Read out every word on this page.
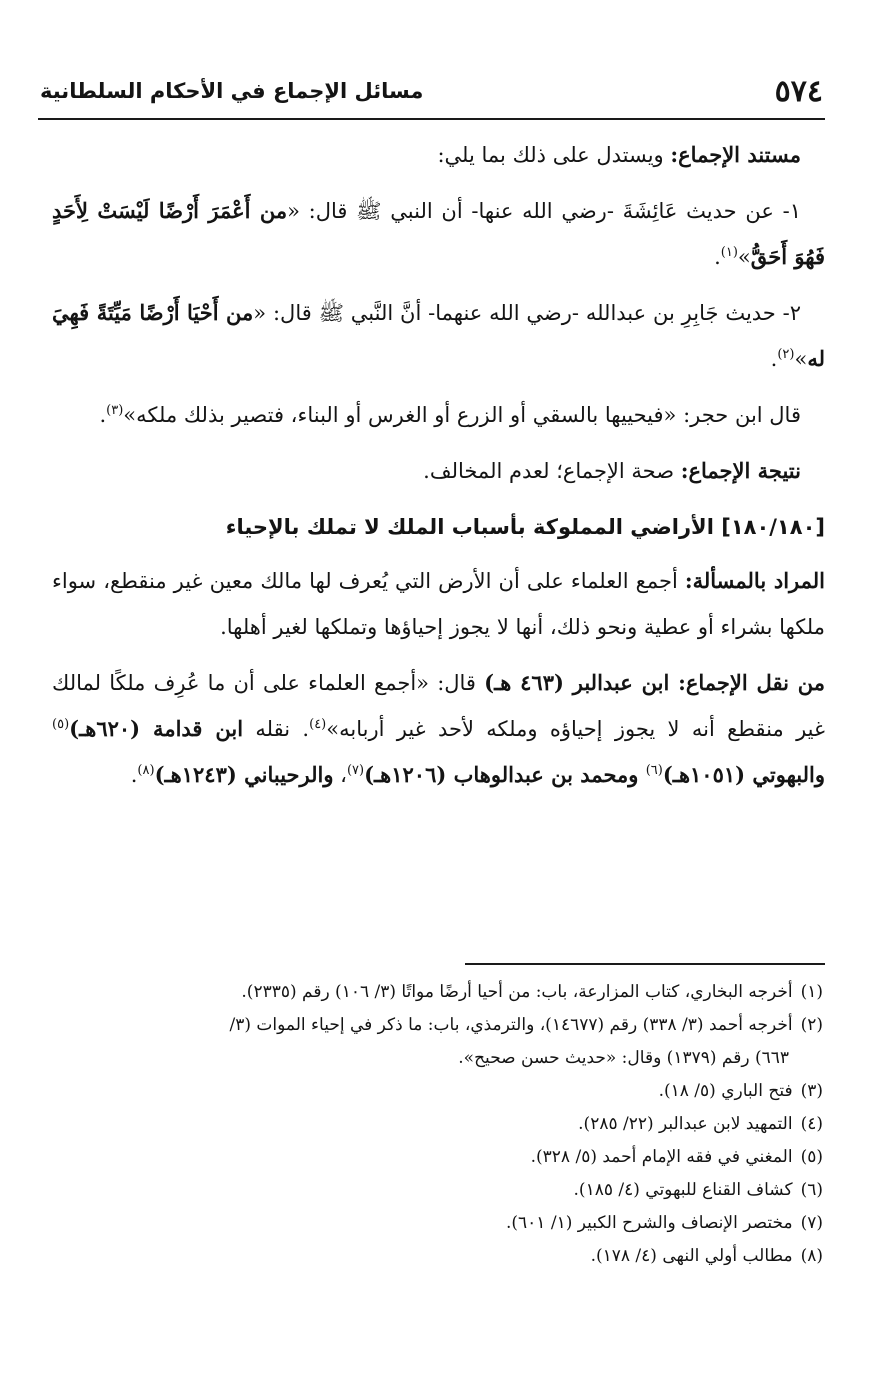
٥٧٤
مسائل الإجماع في الأحكام السلطانية

مستند الإجماع: ويستدل على ذلك بما يلي:

١- عن حديث عَائِشَةَ -رضي الله عنها- أن النبي ﷺ قال: «من أَعْمَرَ أَرْضًا لَيْسَتْ لِأَحَدٍ فَهُوَ أَحَقُّ»$^{(١)}$.

٢- حديث جَابِرِ بن عبدالله -رضي الله عنهما- أنَّ النَّبي ﷺ قال: «من أَحْيَا أَرْضًا مَيِّتَةً فَهِيَ له»$^{(٢)}$.

قال ابن حجر: «فيحييها بالسقي أو الزرع أو الغرس أو البناء، فتصير بذلك ملكه»$^{(٣)}$.

نتيجة الإجماع: صحة الإجماع؛ لعدم المخالف.

[١٨٠/١٨٠] الأراضي المملوكة بأسباب الملك لا تملك بالإحياء

المراد بالمسألة: أجمع العلماء على أن الأرض التي يُعرف لها مالك معين غير منقطع، سواء ملكها بشراء أو عطية ونحو ذلك، أنها لا يجوز إحياؤها وتملكها لغير أهلها.

من نقل الإجماع: ابن عبدالبر (٤٦٣ هـ) قال: «أجمع العلماء على أن ما عُرِف ملكًا لمالك غير منقطع أنه لا يجوز إحياؤه وملكه لأحد غير أربابه»$^{(٤)}$. نقله ابن قدامة (٦٢٠هـ)$^{(٥)}$ والبهوتي (١٠٥١هـ)$^{(٦)}$ ومحمد بن عبدالوهاب (١٢٠٦هـ)$^{(٧)}$، والرحيباني (١٢٤٣هـ)$^{(٨)}$.

(١)
أخرجه البخاري، كتاب المزارعة، باب: من أحيا أرضًا مواتًا (٣/ ١٠٦) رقم (٢٣٣٥).

(٢)
أخرجه أحمد (٣/ ٣٣٨) رقم (١٤٦٧٧)، والترمذي، باب: ما ذكر في إحياء الموات (٣/

٦٦٣) رقم (١٣٧٩) وقال: «حديث حسن صحيح».

(٣)
فتح الباري (٥/ ١٨).

(٤)
التمهيد لابن عبدالبر (٢٢/ ٢٨٥).

(٥)
المغني في فقه الإمام أحمد (٥/ ٣٢٨).

(٦)
كشاف القناع للبهوتي (٤/ ١٨٥).

(٧)
مختصر الإنصاف والشرح الكبير (١/ ٦٠١).

(٨)
مطالب أولي النهى (٤/ ١٧٨).
